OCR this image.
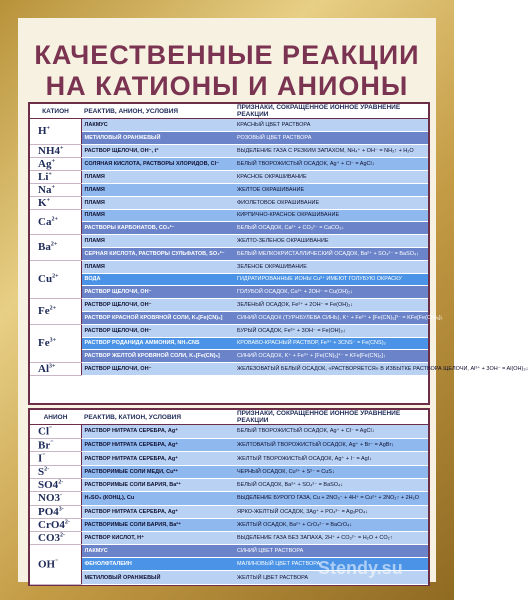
КАЧЕСТВЕННЫЕ РЕАКЦИИ
НА КАТИОНЫ И АНИОНЫ
КАТИОН	РЕАКТИВ, АНИОН, УСЛОВИЯ	ПРИЗНАКИ, СОКРАЩЕННОЕ ИОННОЕ УРАВНЕНИЕ РЕАКЦИИ
H+	ЛАКМУС	КРАСНЫЙ ЦВЕТ РАСТВОРА
	МЕТИЛОВЫЙ ОРАНЖЕВЫЙ	РОЗОВЫЙ ЦВЕТ РАСТВОРА
NH4+	РАСТВОР ЩЕЛОЧИ, OH⁻, t°	ВЫДЕЛЕНИЕ ГАЗА С РЕЗКИМ ЗАПАХОМ, NH₄⁺ + OH⁻ = NH₃↑ + H₂O
Ag+	СОЛЯНАЯ КИСЛОТА, РАСТВОРЫ ХЛОРИДОВ, Cl⁻	БЕЛЫЙ ТВОРОЖИСТЫЙ ОСАДОК, Ag⁺ + Cl⁻ = AgCl↓
Li+	ПЛАМЯ	КРАСНОЕ ОКРАШИВАНИЕ
Na+	ПЛАМЯ	ЖЕЛТОЕ ОКРАШИВАНИЕ
K+	ПЛАМЯ	ФИОЛЕТОВОЕ ОКРАШИВАНИЕ
$Ca^{2+}$	ПЛАМЯ	КИРПИЧНО-КРАСНОЕ ОКРАШИВАНИЕ
	РАСТВОРЫ КАРБОНАТОВ, CO₃²⁻	БЕЛЫЙ ОСАДОК, Ca²⁺ + CO₃²⁻ = CaCO₃↓
$Ba^{2+}$	ПЛАМЯ	ЖЕЛТО-ЗЕЛЕНОЕ ОКРАШИВАНИЕ
	СЕРНАЯ КИСЛОТА, РАСТВОРЫ СУЛЬФАТОВ, SO₄²⁻	БЕЛЫЙ МЕЛКОКРИСТАЛЛИЧЕСКИЙ ОСАДОК, Ba²⁺ + SO₄²⁻ = BaSO₄↓
$Cu^{2+}$	ПЛАМЯ	ЗЕЛЕНОЕ ОКРАШИВАНИЕ
	ВОДА	ГИДРАТИРОВАННЫЕ ИОНЫ Cu²⁺ ИМЕЮТ ГОЛУБУЮ ОКРАСКУ
	РАСТВОР ЩЕЛОЧИ, OH⁻	ГОЛУБОЙ ОСАДОК, Cu²⁺ + 2OH⁻ = Cu(OH)₂↓
$Fe^{2+}$	РАСТВОР ЩЕЛОЧИ, OH⁻	ЗЕЛЕНЫЙ ОСАДОК, Fe²⁺ + 2OH⁻ = Fe(OH)₂↓
	РАСТВОР КРАСНОЙ КРОВЯНОЙ СОЛИ, K₃[Fe(CN)₆]	СИНИЙ ОСАДОК (ТУРНБУЛЕВА СИНЬ), K⁺ + Fe²⁺ + [Fe(CN)₆]³⁻ = KFe[Fe(CN)₆]↓
$Fe^{3+}$	РАСТВОР ЩЕЛОЧИ, OH⁻	БУРЫЙ ОСАДОК, Fe³⁺ + 3OH⁻ = Fe(OH)₃↓
	РАСТВОР РОДАНИДА АММОНИЯ, NH₄CNS	КРОВАВО-КРАСНЫЙ РАСТВОР, Fe³⁺ + 3CNS⁻ = Fe(CNS)₃
	РАСТВОР ЖЕЛТОЙ КРОВЯНОЙ СОЛИ, K₄[Fe(CN)₆]	СИНИЙ ОСАДОК, K⁺ + Fe³⁺ + [Fe(CN)₆]⁴⁻ = KFe[Fe(CN)₆]↓
$Al^{3+}$	РАСТВОР ЩЕЛОЧИ, OH⁻	ЖЕЛЕЗОВАТЫЙ БЕЛЫЙ ОСАДОК, «РАСТВОРЯЕТСЯ» В ИЗБЫТКЕ РАСТВОРА ЩЕЛОЧИ, Al³⁺ + 3OH⁻ = Al(OH)₃↓
АНИОН	РЕАКТИВ, КАТИОН, УСЛОВИЯ	ПРИЗНАКИ, СОКРАЩЕННОЕ ИОННОЕ УРАВНЕНИЕ РЕАКЦИИ
Cl⁻	РАСТВОР НИТРАТА СЕРЕБРА, Ag⁺	БЕЛЫЙ ТВОРОЖИСТЫЙ ОСАДОК, Ag⁺ + Cl⁻ = AgCl↓
Br⁻	РАСТВОР НИТРАТА СЕРЕБРА, Ag⁺	ЖЕЛТОВАТЫЙ ТВОРОЖИСТЫЙ ОСАДОК, Ag⁺ + Br⁻ = AgBr↓
I⁻	РАСТВОР НИТРАТА СЕРЕБРА, Ag⁺	ЖЕЛТЫЙ ТВОРОЖИСТЫЙ ОСАДОК, Ag⁺ + I⁻ = AgI↓
$S^{2-}$	РАСТВОРИМЫЕ СОЛИ МЕДИ, Cu²⁺	ЧЕРНЫЙ ОСАДОК, Cu²⁺ + S²⁻ = CuS↓
$SO4^{2-}$	РАСТВОРИМЫЕ СОЛИ БАРИЯ, Ba²⁺	БЕЛЫЙ ОСАДОК, Ba²⁺ + SO₄²⁻ = BaSO₄↓
NO3-	H₂SO₄ (КОНЦ.), Cu	ВЫДЕЛЕНИЕ БУРОГО ГАЗА, Cu + 2NO₃⁻ + 4H⁺ = Cu²⁺ + 2NO₂↑ + 2H₂O
$PO4^{3-}$	РАСТВОР НИТРАТА СЕРЕБРА, Ag⁺	ЯРКО-ЖЕЛТЫЙ ОСАДОК, 3Ag⁺ + PO₄³⁻ = Ag₃PO₄↓
$CrO4^{2-}$	РАСТВОРИМЫЕ СОЛИ БАРИЯ, Ba²⁺	ЖЕЛТЫЙ ОСАДОК, Ba²⁺ + CrO₄²⁻ = BaCrO₄↓
$CO3^{2-}$	РАСТВОР КИСЛОТ, H⁺	ВЫДЕЛЕНИЕ ГАЗА БЕЗ ЗАПАХА, 2H⁺ + CO₃²⁻ = H₂O + CO₂↑
OH⁻	ЛАКМУС	СИНИЙ ЦВЕТ РАСТВОРА
	ФЕНОЛФТАЛЕИН	МАЛИНОВЫЙ ЦВЕТ РАСТВОРА
	МЕТИЛОВЫЙ ОРАНЖЕВЫЙ	ЖЕЛТЫЙ ЦВЕТ РАСТВОРА Stendy.su
